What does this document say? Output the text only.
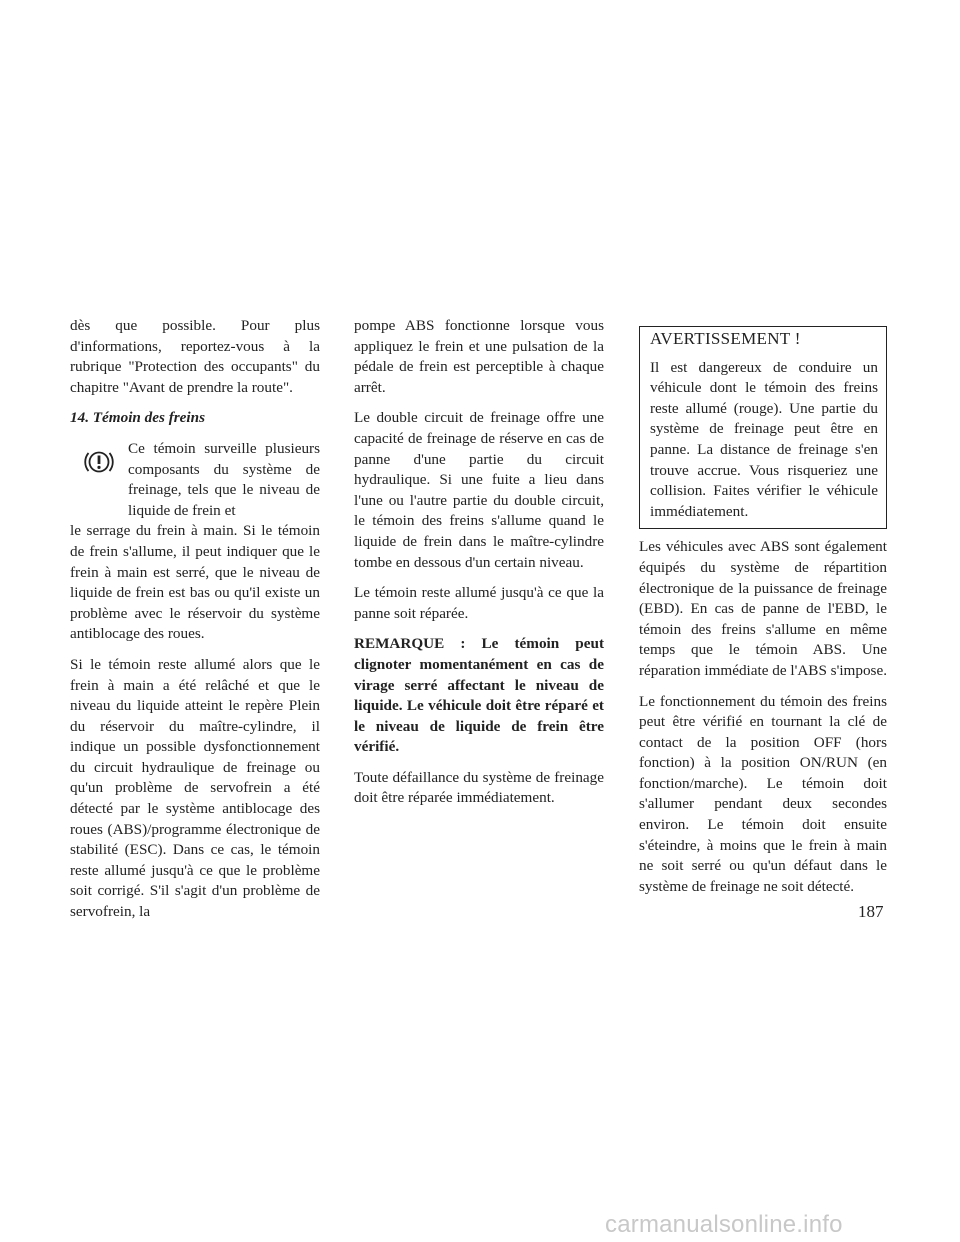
dès que possible. Pour plus d'informations, reportez-vous à la rubrique "Protection des occupants" du chapitre "Avant de prendre la route".

14. Témoin des freins

Ce témoin surveille plusieurs composants du système de freinage, tels que le niveau de liquide de frein et

le serrage du frein à main. Si le témoin de frein s'allume, il peut indiquer que le frein à main est serré, que le niveau de liquide de frein est bas ou qu'il existe un problème avec le réservoir du système antiblocage des roues.

Si le témoin reste allumé alors que le frein à main a été relâché et que le niveau du liquide atteint le repère Plein du réservoir du maître-cylindre, il indique un possible dysfonctionnement du circuit hydraulique de freinage ou qu'un problème de servofrein a été détecté par le système antiblocage des roues (ABS)/programme électronique de stabilité (ESC). Dans ce cas, le témoin reste allumé jusqu'à ce que le problème soit corrigé. S'il s'agit d'un problème de servofrein, la

pompe ABS fonctionne lorsque vous appliquez le frein et une pulsation de la pédale de frein est perceptible à chaque arrêt.

Le double circuit de freinage offre une capacité de freinage de réserve en cas de panne d'une partie du circuit hydraulique. Si une fuite a lieu dans l'une ou l'autre partie du double circuit, le témoin des freins s'allume quand le liquide de frein dans le maître-cylindre tombe en dessous d'un certain niveau.

Le témoin reste allumé jusqu'à ce que la panne soit réparée.

REMARQUE : Le témoin peut clignoter momentanément en cas de virage serré affectant le niveau de liquide. Le véhicule doit être réparé et le niveau de liquide de frein être vérifié.

Toute défaillance du système de freinage doit être réparée immédiatement.

AVERTISSEMENT !

Il est dangereux de conduire un véhicule dont le témoin des freins reste allumé (rouge). Une partie du système de freinage peut être en panne. La distance de freinage s'en trouve accrue. Vous risqueriez une collision. Faites vérifier le véhicule immédiatement.

Les véhicules avec ABS sont également équipés du système de répartition électronique de la puissance de freinage (EBD). En cas de panne de l'EBD, le témoin des freins s'allume en même temps que le témoin ABS. Une réparation immédiate de l'ABS s'impose.

Le fonctionnement du témoin des freins peut être vérifié en tournant la clé de contact de la position OFF (hors fonction) à la position ON/RUN (en fonction/marche). Le témoin doit s'allumer pendant deux secondes environ. Le témoin doit ensuite s'éteindre, à moins que le frein à main ne soit serré ou qu'un défaut dans le système de freinage ne soit détecté.

187
carmanualsonline.info
